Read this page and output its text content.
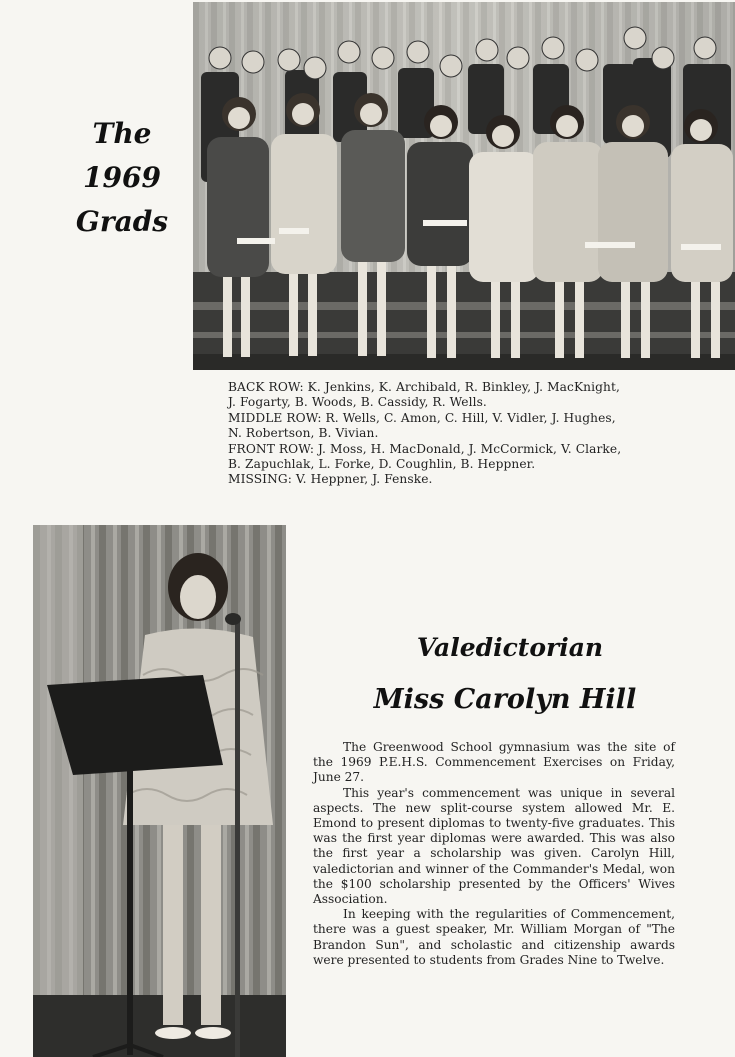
The
1969
Grads

BACK ROW: K. Jenkins, K. Archibald, R. Binkley, J. MacKnight,

J. Fogarty, B. Woods, B. Cassidy, R. Wells.

MIDDLE ROW: R. Wells, C. Amon, C. Hill, V. Vidler, J. Hughes,

N. Robertson, B. Vivian.

FRONT ROW: J. Moss, H. MacDonald, J. McCormick, V. Clarke,

B. Zapuchlak, L. Forke, D. Coughlin, B. Heppner.

MISSING: V. Heppner, J. Fenske.

Valedictorian
Miss Carolyn Hill

The Greenwood School gymnasium was the site of the 1969 P.E.H.S. Commencement Exercises on Friday, June 27.

This year's commencement was unique in several aspects. The new split-course system allowed Mr. E. Emond to present diplomas to twenty-five graduates. This was the first year diplomas were awarded. This was also the first year a scholarship was given. Carolyn Hill, valedictorian and winner of the Commander's Medal, won the $100 scholarship presented by the Officers' Wives Association.

In keeping with the regularities of Commencement, there was a guest speaker, Mr. William Morgan of "The Brandon Sun", and scholastic and citizenship awards were presented to students from Grades Nine to Twelve.
